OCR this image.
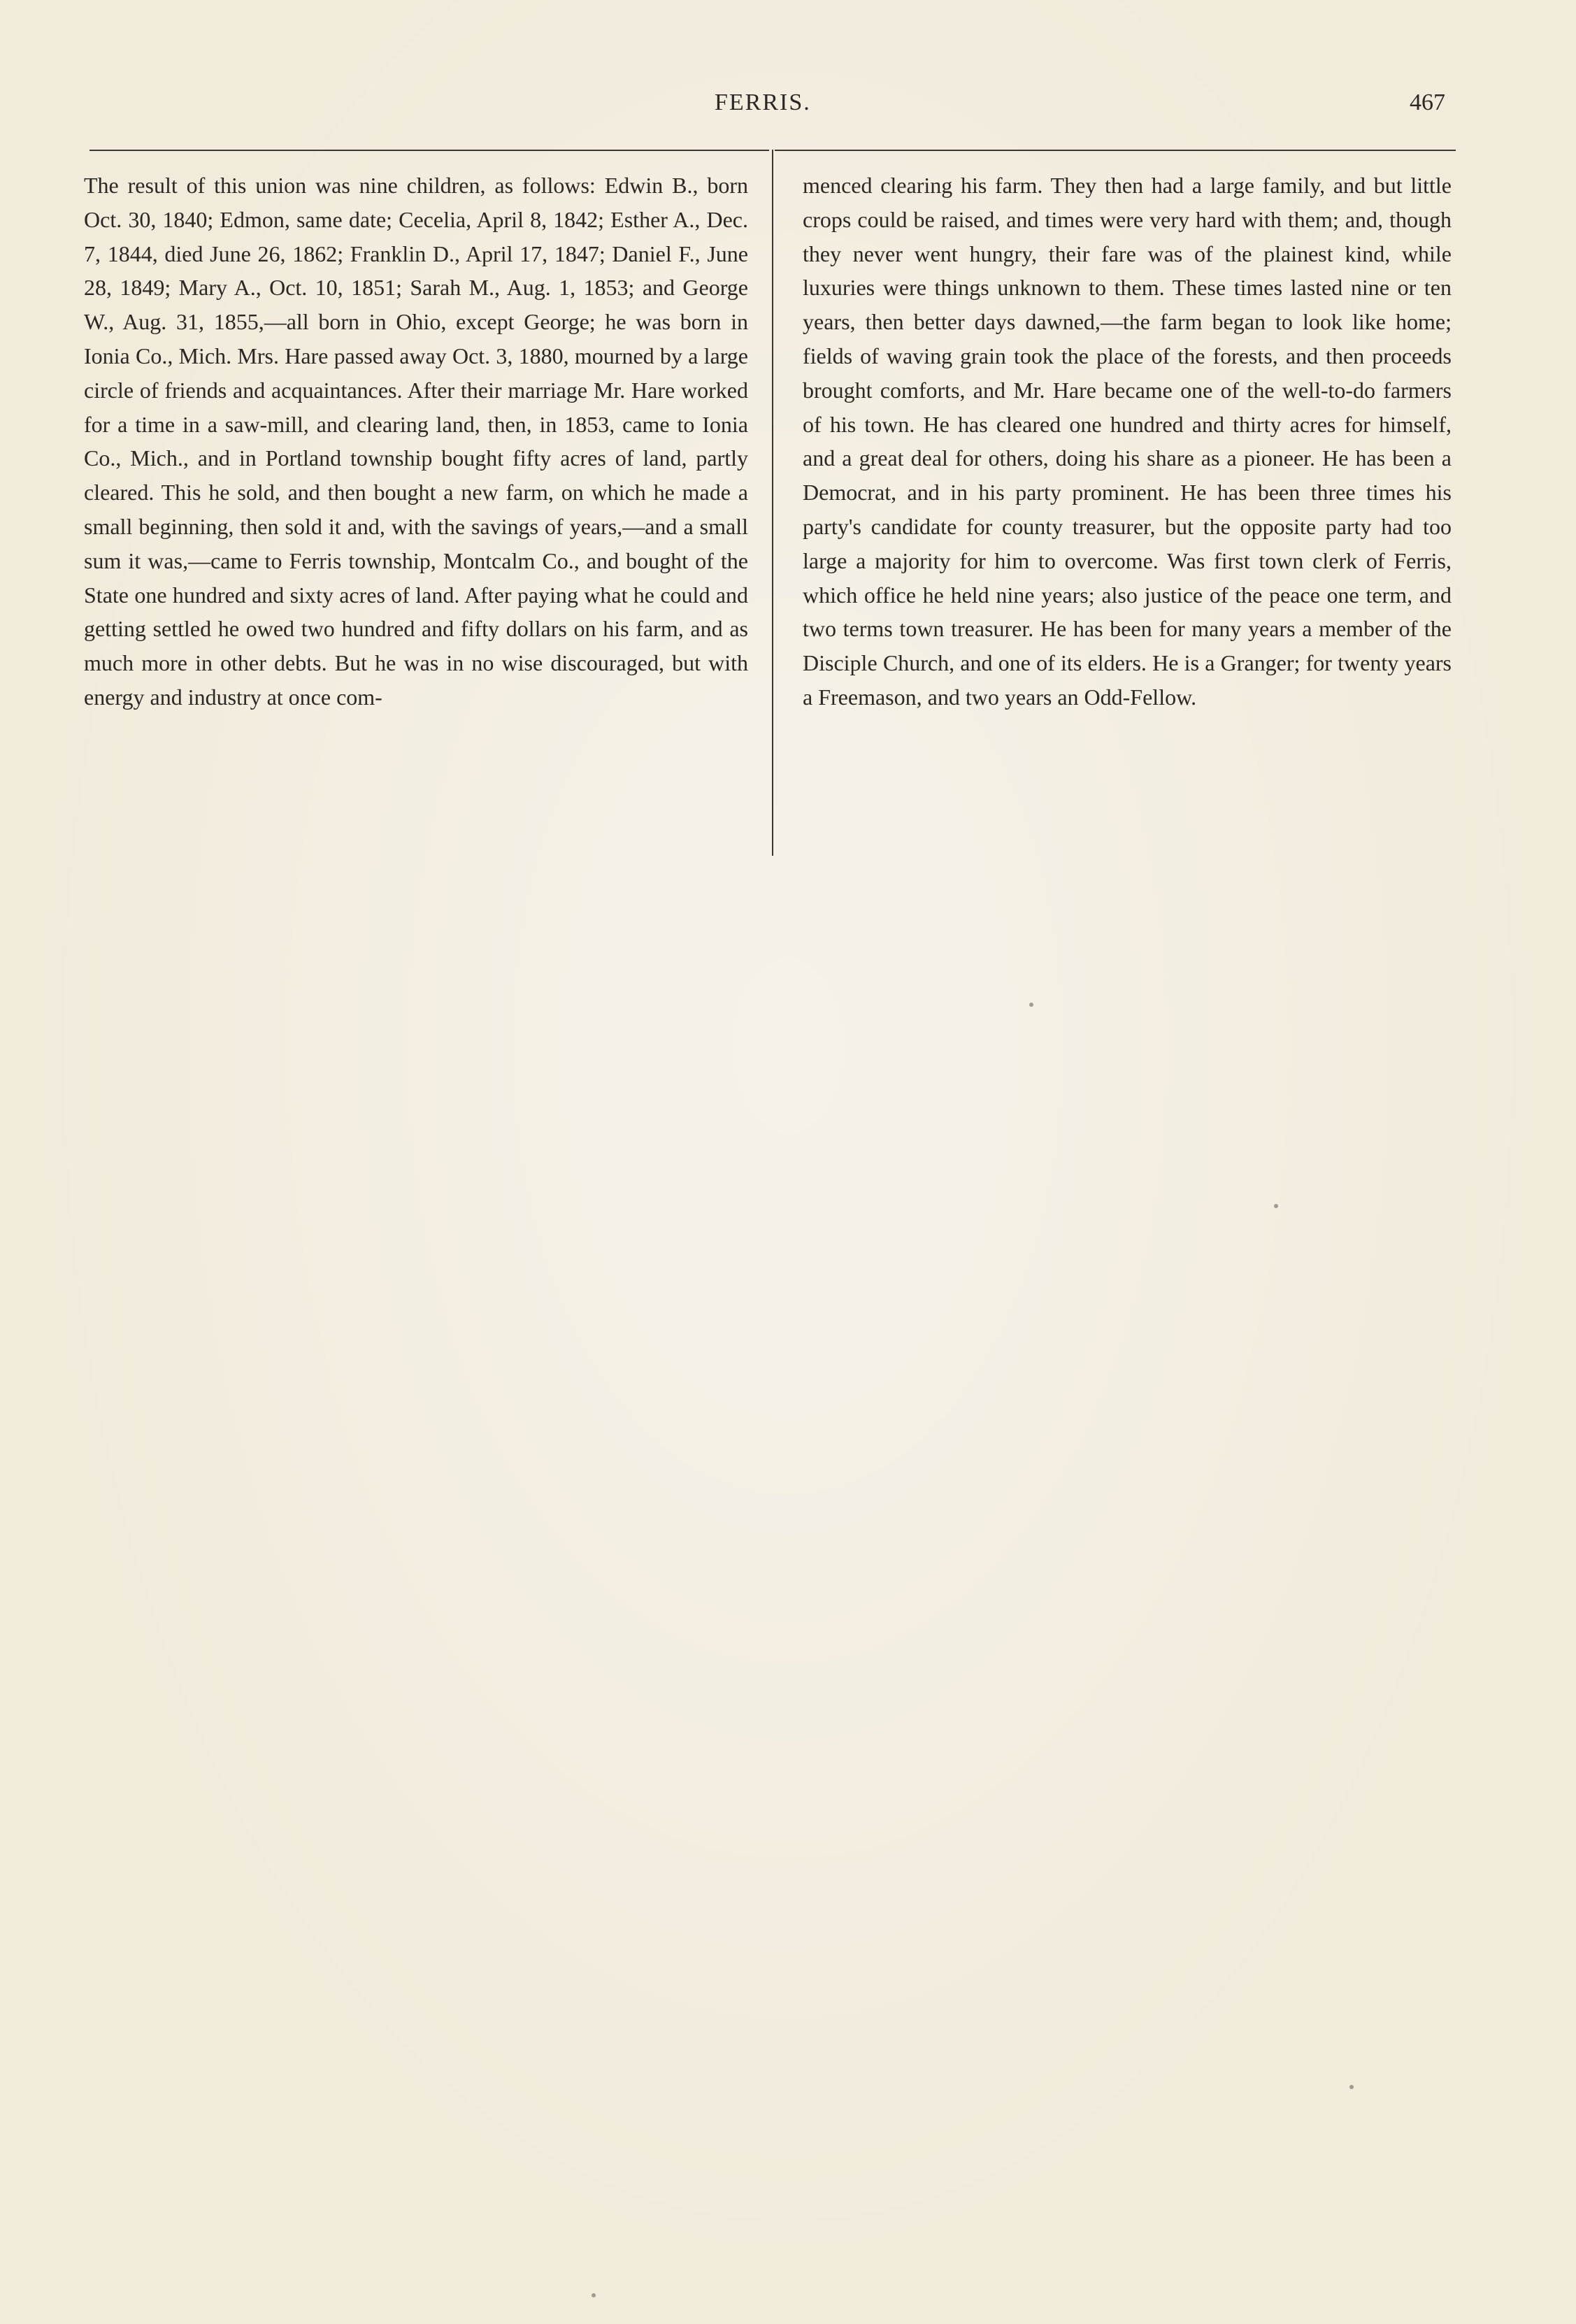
FERRIS.	467

The result of this union was nine children, as follows: Edwin B., born Oct. 30, 1840; Edmon, same date; Cecelia, April 8, 1842; Esther A., Dec. 7, 1844, died June 26, 1862; Franklin D., April 17, 1847; Daniel F., June 28, 1849; Mary A., Oct. 10, 1851; Sarah M., Aug. 1, 1853; and George W., Aug. 31, 1855,—all born in Ohio, except George; he was born in Ionia Co., Mich. Mrs. Hare passed away Oct. 3, 1880, mourned by a large circle of friends and acquaintances. After their marriage Mr. Hare worked for a time in a saw-mill, and clearing land, then, in 1853, came to Ionia Co., Mich., and in Portland township bought fifty acres of land, partly cleared. This he sold, and then bought a new farm, on which he made a small beginning, then sold it and, with the savings of years,—and a small sum it was,—came to Ferris township, Montcalm Co., and bought of the State one hundred and sixty acres of land. After paying what he could and getting settled he owed two hundred and fifty dollars on his farm, and as much more in other debts. But he was in no wise discouraged, but with energy and industry at once com-

menced clearing his farm. They then had a large family, and but little crops could be raised, and times were very hard with them; and, though they never went hungry, their fare was of the plainest kind, while luxuries were things unknown to them. These times lasted nine or ten years, then better days dawned,—the farm began to look like home; fields of waving grain took the place of the forests, and then proceeds brought comforts, and Mr. Hare became one of the well-to-do farmers of his town. He has cleared one hundred and thirty acres for himself, and a great deal for others, doing his share as a pioneer. He has been a Democrat, and in his party prominent. He has been three times his party's candidate for county treasurer, but the opposite party had too large a majority for him to overcome. Was first town clerk of Ferris, which office he held nine years; also justice of the peace one term, and two terms town treasurer. He has been for many years a member of the Disciple Church, and one of its elders. He is a Granger; for twenty years a Freemason, and two years an Odd-Fellow.
